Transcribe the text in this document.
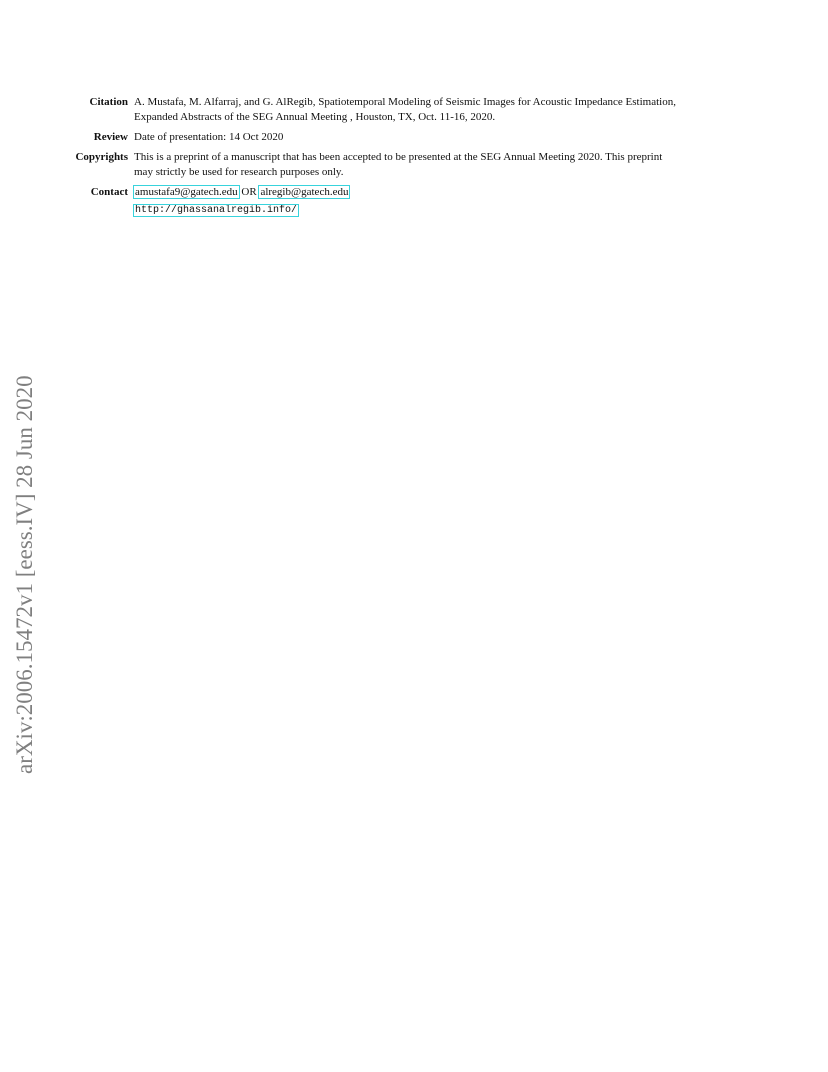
arXiv:2006.15472v1 [eess.IV] 28 Jun 2020
Citation A. Mustafa, M. Alfarraj, and G. AlRegib, Spatiotemporal Modeling of Seismic Images for Acoustic Impedance Estimation,
Expanded Abstracts of the SEG Annual Meeting , Houston, TX, Oct. 11-16, 2020.
Review Date of presentation: 14 Oct 2020
Copyrights This is a preprint of a manuscript that has been accepted to be presented at the SEG Annual Meeting 2020. This preprint
may strictly be used for research purposes only.
Contact amustafa9@gatech.edu OR alregib@gatech.edu
http://ghassanalregib.info/
